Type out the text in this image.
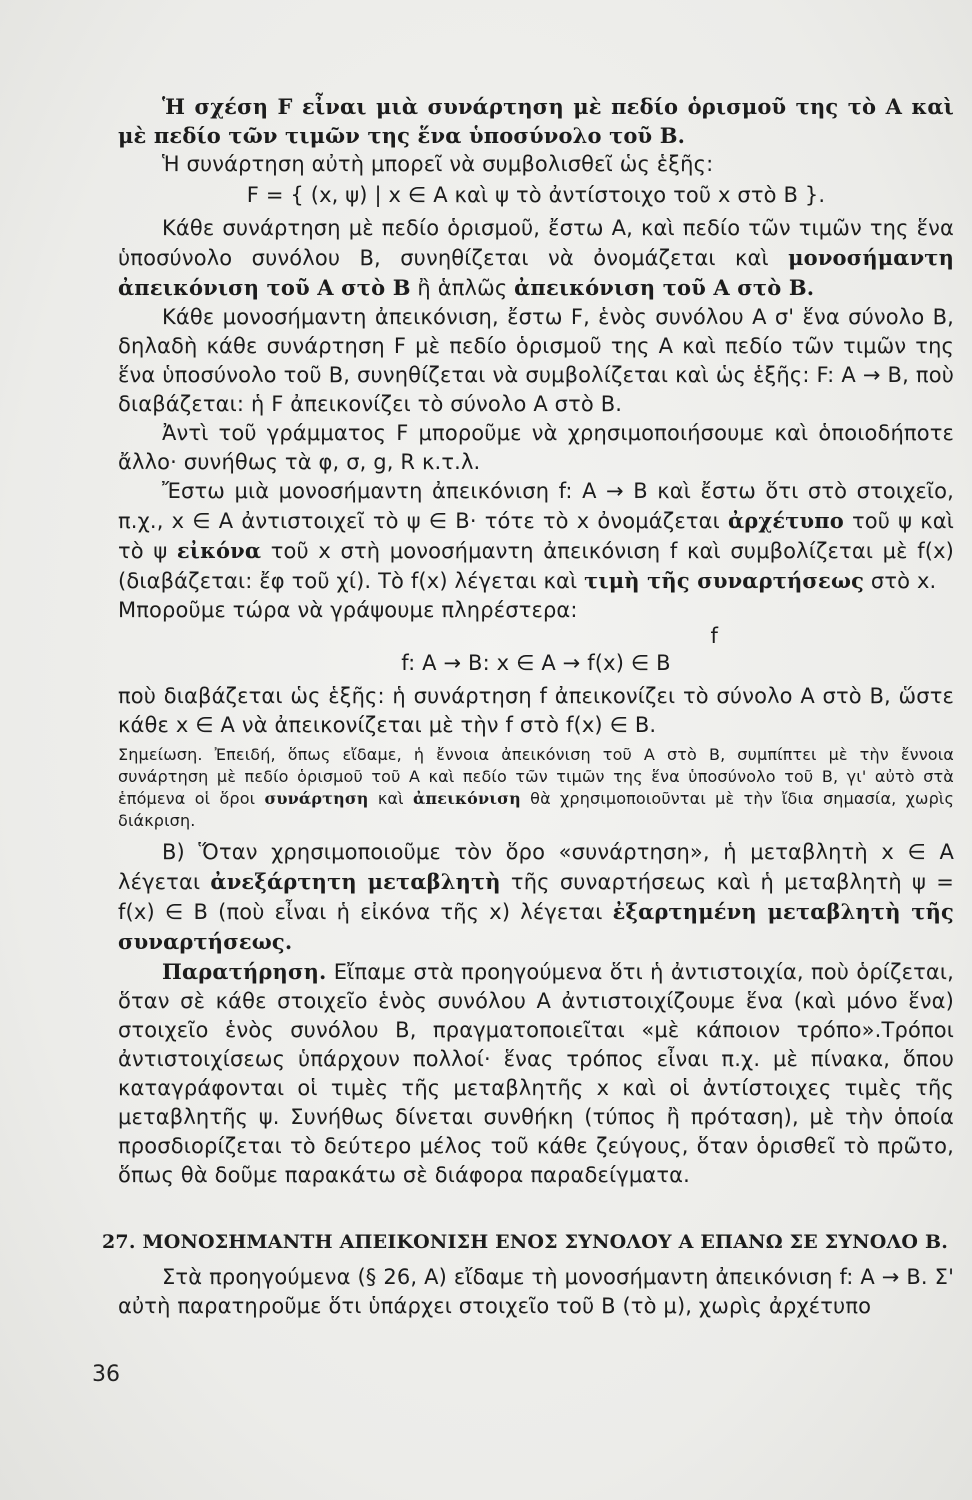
Ἡ σχέση F εἶναι μιὰ συνάρτηση μὲ πεδίο ὁρισμοῦ της τὸ Α καὶ μὲ πεδίο τῶν τιμῶν της ἕνα ὑποσύνολο τοῦ Β.

Ἡ συνάρτηση αὐτὴ μπορεῖ νὰ συμβολισθεῖ ὡς ἑξῆς:

F = { (x, ψ) | x ∈ A καὶ ψ τὸ ἀντίστοιχο τοῦ x στὸ B }.

Κάθε συνάρτηση μὲ πεδίο ὁρισμοῦ, ἔστω Α, καὶ πεδίο τῶν τιμῶν της ἕνα ὑποσύνολο συνόλου Β, συνηθίζεται νὰ ὀνομάζεται καὶ μονοσήμαντη ἀπεικόνιση τοῦ Α στὸ Β ἢ ἁπλῶς ἀπεικόνιση τοῦ Α στὸ Β.

Κάθε μονοσήμαντη ἀπεικόνιση, ἔστω F, ἑνὸς συνόλου Α σ' ἕνα σύνολο Β, δηλαδὴ κάθε συνάρτηση F μὲ πεδίο ὁρισμοῦ της Α καὶ πεδίο τῶν τιμῶν της ἕνα ὑποσύνολο τοῦ Β, συνηθίζεται νὰ συμβολίζεται καὶ ὡς ἑξῆς: F: A → B, ποὺ διαβάζεται: ἡ F ἀπεικονίζει τὸ σύνολο Α στὸ Β.

Ἀντὶ τοῦ γράμματος F μποροῦμε νὰ χρησιμοποιήσουμε καὶ ὁποιοδήποτε ἄλλο· συνήθως τὰ φ, σ, g, R κ.τ.λ.

Ἔστω μιὰ μονοσήμαντη ἀπεικόνιση f: A → B καὶ ἔστω ὅτι στὸ στοιχεῖο, π.χ., x ∈ A ἀντιστοιχεῖ τὸ ψ ∈ B· τότε τὸ x ὀνομάζεται ἀρχέτυπο τοῦ ψ καὶ τὸ ψ εἰκόνα τοῦ x στὴ μονοσήμαντη ἀπεικόνιση f καὶ συμβολίζεται μὲ f(x) (διαβάζεται: ἔφ τοῦ χί). Τὸ f(x) λέγεται καὶ τιμὴ τῆς συναρτήσεως στὸ x.

Μποροῦμε τώρα νὰ γράψουμε πληρέστερα:

f

f: A → B: x ∈ A → f(x) ∈ B

ποὺ διαβάζεται ὡς ἑξῆς: ἡ συνάρτηση f ἀπεικονίζει τὸ σύνολο Α στὸ Β, ὥστε κάθε x ∈ A νὰ ἀπεικονίζεται μὲ τὴν f στὸ f(x) ∈ B.

Σημείωση. Ἐπειδή, ὅπως εἴδαμε, ἡ ἔννοια ἀπεικόνιση τοῦ Α στὸ Β, συμπίπτει μὲ τὴν ἔννοια συνάρτηση μὲ πεδίο ὁρισμοῦ τοῦ Α καὶ πεδίο τῶν τιμῶν της ἕνα ὑποσύνολο τοῦ Β, γι' αὐτὸ στὰ ἑπόμενα οἱ ὅροι συνάρτηση καὶ ἀπεικόνιση θὰ χρησιμοποιοῦνται μὲ τὴν ἴδια σημασία, χωρὶς διάκριση.

Β) Ὅταν χρησιμοποιοῦμε τὸν ὅρο «συνάρτηση», ἡ μεταβλητὴ x ∈ A λέγεται ἀνεξάρτητη μεταβλητὴ τῆς συναρτήσεως καὶ ἡ μεταβλητὴ ψ = f(x) ∈ B (ποὺ εἶναι ἡ εἰκόνα τῆς x) λέγεται ἐξαρτημένη μεταβλητὴ τῆς συναρτήσεως.

Παρατήρηση. Εἴπαμε στὰ προηγούμενα ὅτι ἡ ἀντιστοιχία, ποὺ ὁρίζεται, ὅταν σὲ κάθε στοιχεῖο ἑνὸς συνόλου Α ἀντιστοιχίζουμε ἕνα (καὶ μόνο ἕνα) στοιχεῖο ἑνὸς συνόλου Β, πραγματοποιεῖται «μὲ κάποιον τρόπο».Τρόποι ἀντιστοιχίσεως ὑπάρχουν πολλοί· ἕνας τρόπος εἶναι π.χ. μὲ πίνακα, ὅπου καταγράφονται οἱ τιμὲς τῆς μεταβλητῆς x καὶ οἱ ἀντίστοιχες τιμὲς τῆς μεταβλητῆς ψ. Συνήθως δίνεται συνθήκη (τύπος ἢ πρόταση), μὲ τὴν ὁποία προσδιορίζεται τὸ δεύτερο μέλος τοῦ κάθε ζεύγους, ὅταν ὁρισθεῖ τὸ πρῶτο, ὅπως θὰ δοῦμε παρακάτω σὲ διάφορα παραδείγματα.

27. ΜΟΝΟΣΗΜΑΝΤΗ ΑΠΕΙΚΟΝΙΣΗ ΕΝΟΣ ΣΥΝΟΛΟΥ Α ΕΠΑΝΩ ΣΕ ΣΥΝΟΛΟ Β.

Στὰ προηγούμενα (§ 26, Α) εἴδαμε τὴ μονοσήμαντη ἀπεικόνιση f: A → B. Σ' αὐτὴ παρατηροῦμε ὅτι ὑπάρχει στοιχεῖο τοῦ Β (τὸ μ), χωρὶς ἀρχέτυπο

36
